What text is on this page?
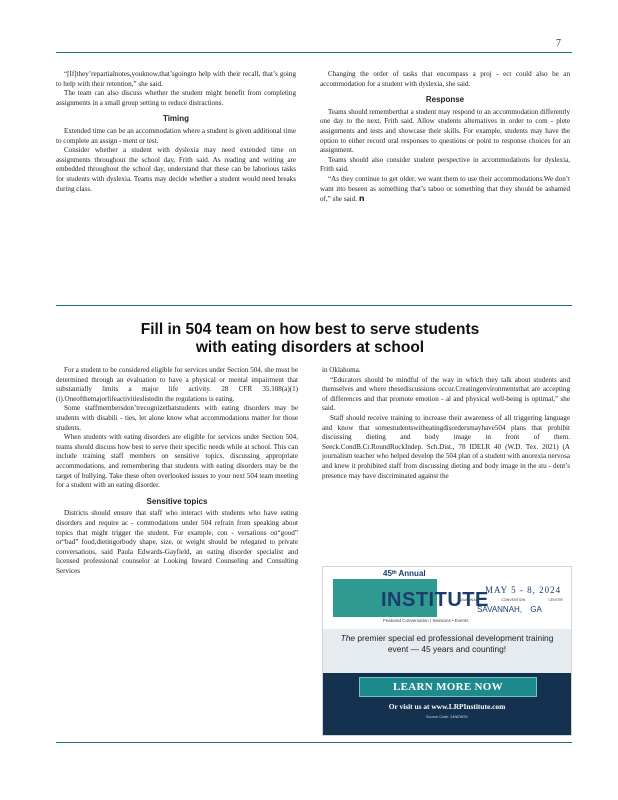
7

“[If]they’repartialnotes,youknow,that’sgoingto help with their recall, that’s going to help with their retention,” she said.

The team can also discuss whether the student might benefit from completing assignments in a small group setting to reduce distractions.

Timing

Extended time can be an accommodation where a student is given additional time to complete an assign - ment or test.

Consider whether a student with dyslexia may need extended time on assignments throughout the school day, Frith said. As reading and writing are embedded throughout the school day, understand that these can be laborious tasks for students with dyslexia. Teams may decide whether a student would need breaks during class.

Changing the order of tasks that encompass a proj - ect could also be an accommodation for a student with dyslexia, she said.

Response

Teams should rememberthat a student may respond to an accommodation differently one day to the next, Frith said. Allow students alternatives in order to com - plete assignments and tests and showcase their skills. For example, students may have the option to either record oral responses to questions or point to response choices for an assignment.

Teams should also consider student perspective in accommodations for dyslexia, Frith said.

“As they continue to get older, we want them to use their accommodations.We don’t want itto beseen as something that’s taboo or something that they should be ashamed of,” she said. n

Fill in 504 team on how best to serve students
with eating disorders at school

For a student to be considered eligible for services under Section 504, she must be determined through an evaluation to have a physical or mental impairment that substantially limits a major life activity. 28 CFR 35.108(a)(1)(i).Oneofthemajorlifeactivitieslistedin the regulations is eating.

Some staffmembersdon’trecognizethatstudents with eating disorders may be students with disabili - ties, let alone know what accommodations matter for those students.

When students with eating disorders are eligible for services under Section 504, teams should discuss how best to serve their specific needs while at school. This can include training staff members on sensitive topics, discussing appropriate accommodations, and remembering that students with eating disorders may be the target of bullying. Take these often overlooked issues to your next 504 team meeting for a student with an eating disorder.

Sensitive topics

Districts should ensure that staff who interact with students who have eating disorders and require ac - commodations under 504 refrain from speaking about topics that might trigger the student. For example, con - versations on“good” or“bad” food,dietingorbody shape, size, or weight should be relegated to private conversations, said Paula Edwards-Gayfield, an eating disorder specialist and licensed professional counselor at Looking Inward Counseling and Consulting Services

in Oklahoma.

“Educators should be mindful of the way in which they talk about students and themselves and where thesediscussions occur.Creatingenvironmentsthat are accepting of differences and that promote emotion - al and physical well-being is optimal,” she said.

Staff should receive training to increase their awareness of all triggering language and know that somestudentswitheatingdisordersmayhave504 plans that prohibit discussing dieting and body image in front of them. Seeck.CondB.Cr.RoundRockIndep. Sch.Dist., 78 IDELR 40 (W.D. Tex. 2021) (A journalism teacher who helped develop the 504 plan of a student with anorexia nervosa and knew it prohibited staff from discussing dieting and body image in the stu - dent’s presence may have discriminated against the

45ᵗʰ Annual
INSTITUTE
Featured Conversation | Sessions • Events
MAY 5 - 8, 2024
SAVANNAH CONVENTION CENTER
SAVANNAH, GA
The premier special ed professional development training event — 45 years and counting!
LEARN MORE NOW
Or visit us at www.LRPInstitute.com
Source Code: 24NEWS1
